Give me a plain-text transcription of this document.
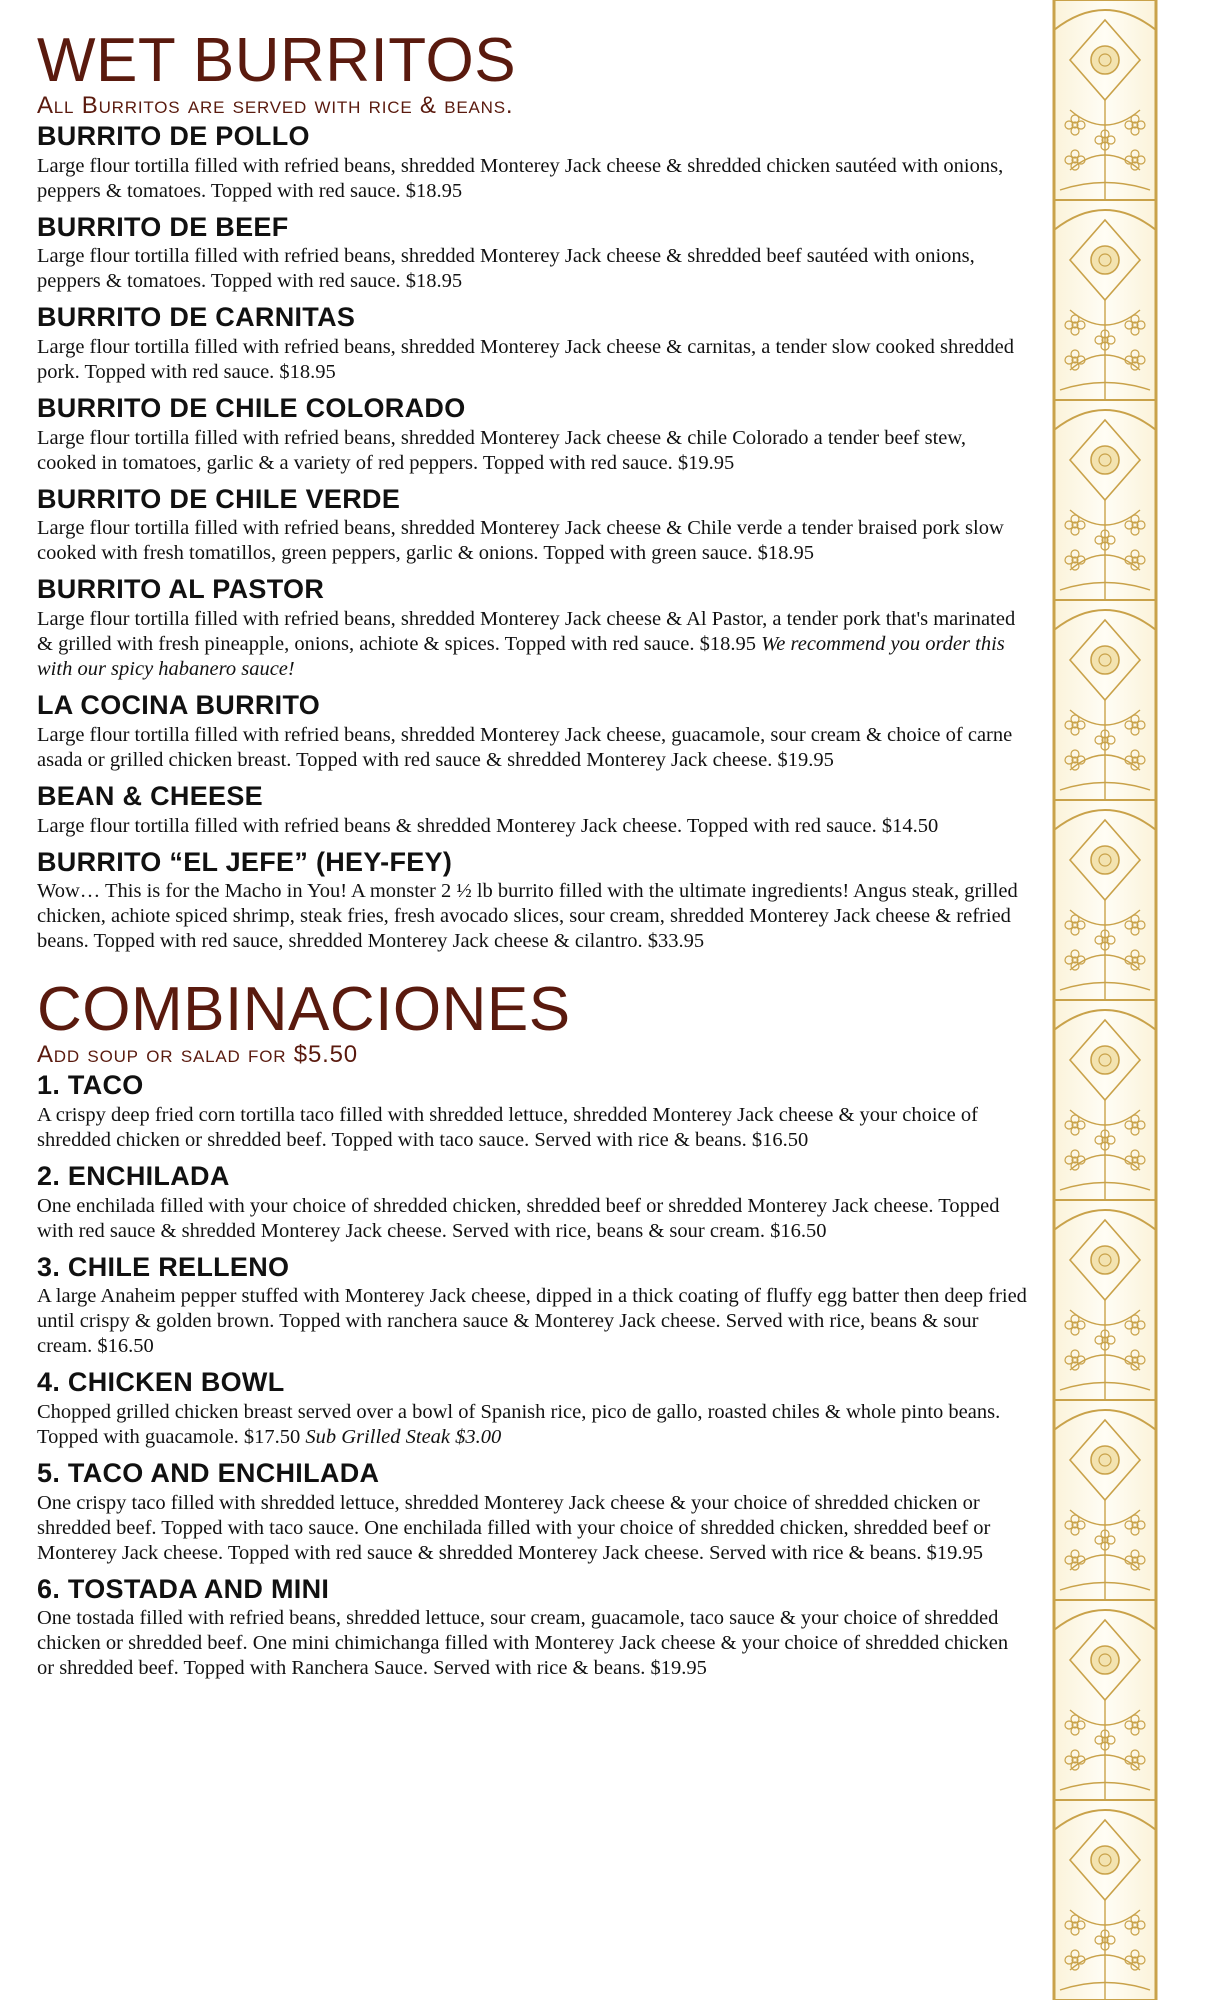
WET BURRITOS
All Burritos are served with rice & beans.
BURRITO DE POLLO

Large flour tortilla filled with refried beans, shredded Monterey Jack cheese & shredded chicken sautéed with onions, peppers & tomatoes. Topped with red sauce. $18.95

BURRITO DE BEEF

Large flour tortilla filled with refried beans, shredded Monterey Jack cheese & shredded beef sautéed with onions, peppers & tomatoes. Topped with red sauce. $18.95

BURRITO DE CARNITAS

Large flour tortilla filled with refried beans, shredded Monterey Jack cheese & carnitas, a tender slow cooked shredded pork. Topped with red sauce. $18.95

BURRITO DE CHILE COLORADO

Large flour tortilla filled with refried beans, shredded Monterey Jack cheese & chile Colorado a tender beef stew, cooked in tomatoes, garlic & a variety of red peppers. Topped with red sauce. $19.95

BURRITO DE CHILE VERDE

Large flour tortilla filled with refried beans, shredded Monterey Jack cheese & Chile verde a tender braised pork slow cooked with fresh tomatillos, green peppers, garlic & onions. Topped with green sauce. $18.95

BURRITO AL PASTOR

Large flour tortilla filled with refried beans, shredded Monterey Jack cheese & Al Pastor, a tender pork that's marinated & grilled with fresh pineapple, onions, achiote & spices. Topped with red sauce. $18.95 We recommend you order this with our spicy habanero sauce!

LA COCINA BURRITO

Large flour tortilla filled with refried beans, shredded Monterey Jack cheese, guacamole, sour cream & choice of carne asada or grilled chicken breast. Topped with red sauce & shredded Monterey Jack cheese. $19.95

BEAN & CHEESE

Large flour tortilla filled with refried beans & shredded Monterey Jack cheese. Topped with red sauce. $14.50

BURRITO “EL JEFE” (HEY-FEY)

Wow… This is for the Macho in You! A monster 2 ½ lb burrito filled with the ultimate ingredients! Angus steak, grilled chicken, achiote spiced shrimp, steak fries, fresh avocado slices, sour cream, shredded Monterey Jack cheese & refried beans. Topped with red sauce, shredded Monterey Jack cheese & cilantro. $33.95

COMBINACIONES
Add soup or salad for $5.50
1. TACO

A crispy deep fried corn tortilla taco filled with shredded lettuce, shredded Monterey Jack cheese & your choice of shredded chicken or shredded beef. Topped with taco sauce. Served with rice & beans. $16.50

2. ENCHILADA

One enchilada filled with your choice of shredded chicken, shredded beef or shredded Monterey Jack cheese. Topped with red sauce & shredded Monterey Jack cheese. Served with rice, beans & sour cream. $16.50

3. CHILE RELLENO

A large Anaheim pepper stuffed with Monterey Jack cheese, dipped in a thick coating of fluffy egg batter then deep fried until crispy & golden brown. Topped with ranchera sauce & Monterey Jack cheese. Served with rice, beans & sour cream. $16.50

4. CHICKEN BOWL

Chopped grilled chicken breast served over a bowl of Spanish rice, pico de gallo, roasted chiles & whole pinto beans. Topped with guacamole. $17.50 Sub Grilled Steak $3.00

5. TACO AND ENCHILADA

One crispy taco filled with shredded lettuce, shredded Monterey Jack cheese & your choice of shredded chicken or shredded beef. Topped with taco sauce. One enchilada filled with your choice of shredded chicken, shredded beef or Monterey Jack cheese. Topped with red sauce & shredded Monterey Jack cheese. Served with rice & beans. $19.95

6. TOSTADA AND MINI

One tostada filled with refried beans, shredded lettuce, sour cream, guacamole, taco sauce & your choice of shredded chicken or shredded beef. One mini chimichanga filled with Monterey Jack cheese & your choice of shredded chicken or shredded beef. Topped with Ranchera Sauce. Served with rice & beans. $19.95
